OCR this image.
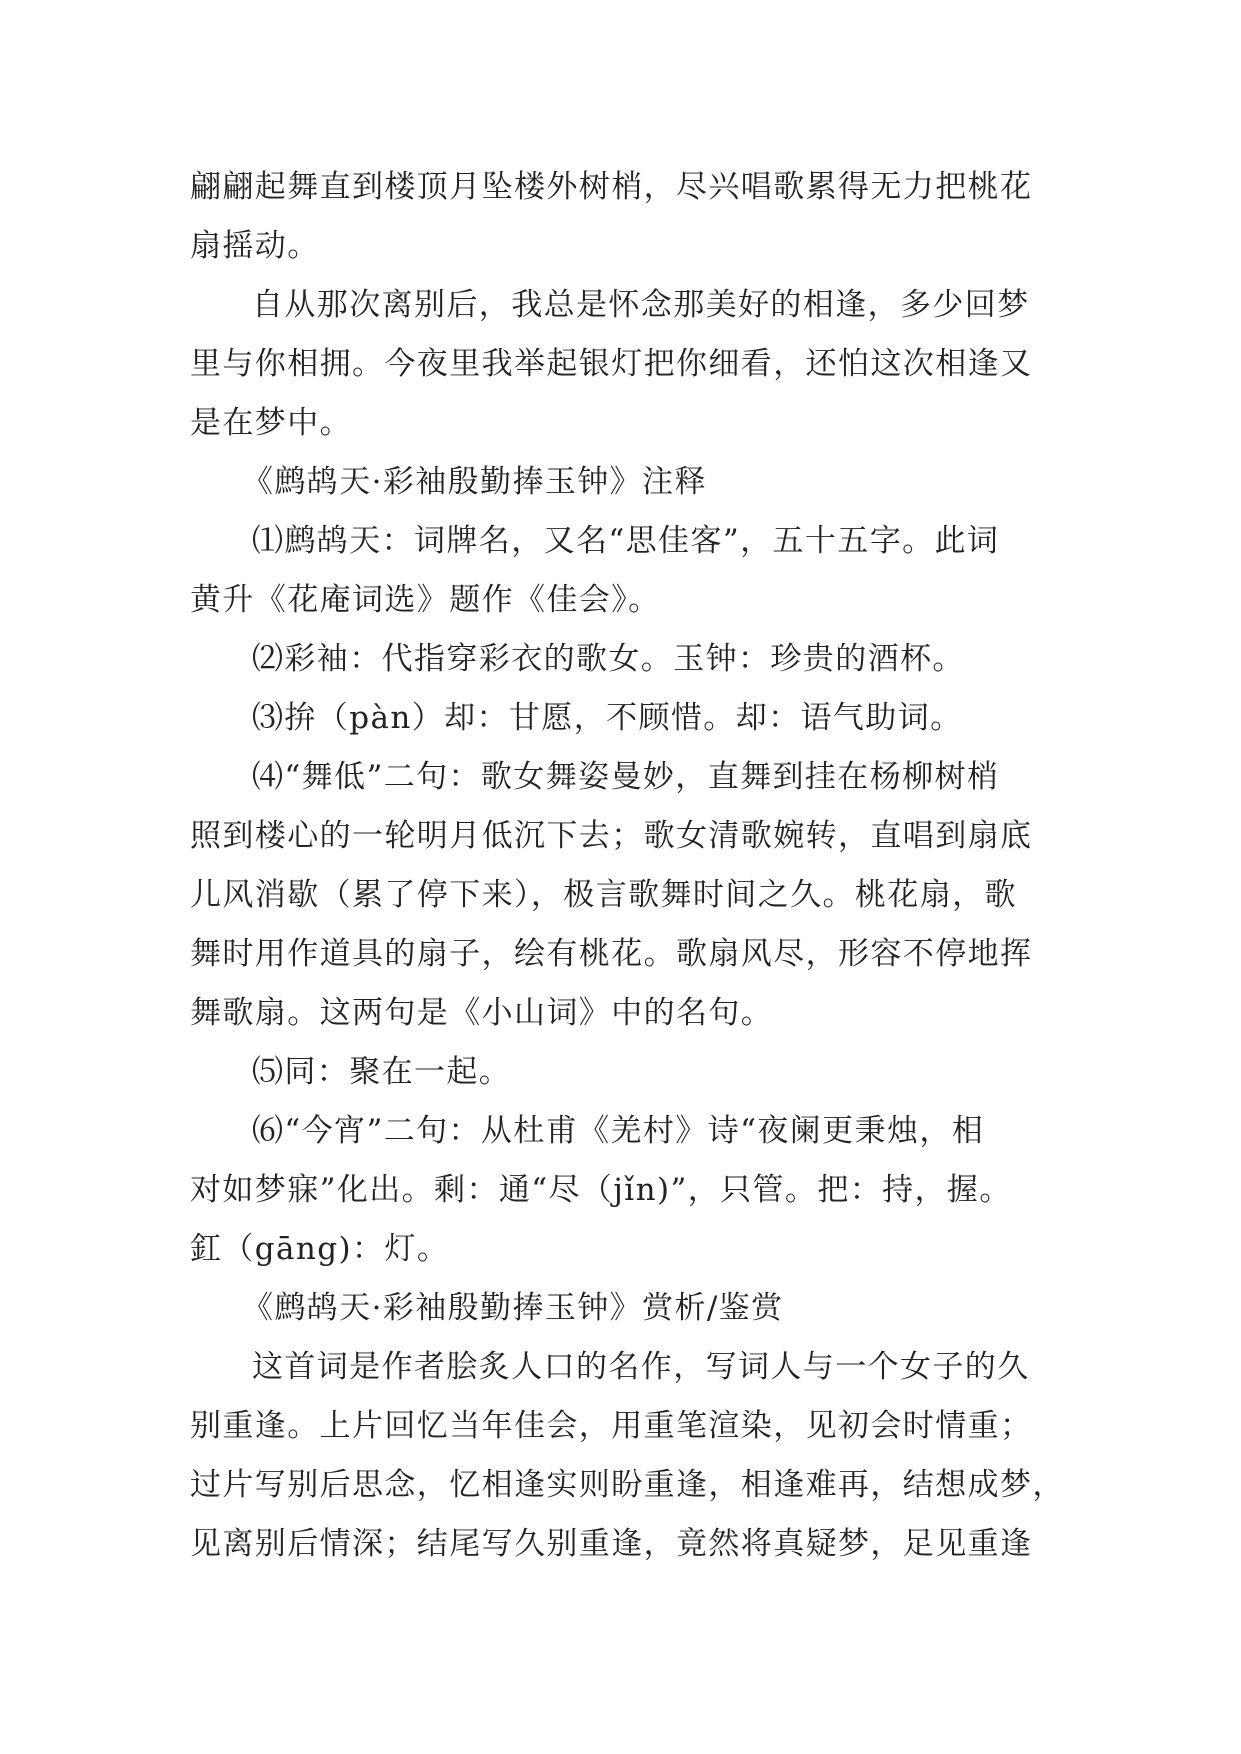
翩翩起舞直到楼顶月坠楼外树梢，尽兴唱歌累得无力把桃花
扇摇动。
自从那次离别后，我总是怀念那美好的相逢，多少回梦
里与你相拥。今夜里我举起银灯把你细看，还怕这次相逢又
是在梦中。
《鹧鸪天·彩袖殷勤捧玉钟》注释
⑴鹧鸪天：词牌名，又名“思佳客”，五十五字。此词
黄升《花庵词选》题作《佳会》。
⑵彩袖：代指穿彩衣的歌女。玉钟：珍贵的酒杯。
⑶拚（pàn）却：甘愿，不顾惜。却：语气助词。
⑷“舞低”二句：歌女舞姿曼妙，直舞到挂在杨柳树梢
照到楼心的一轮明月低沉下去；歌女清歌婉转，直唱到扇底
儿风消歇（累了停下来），极言歌舞时间之久。桃花扇，歌
舞时用作道具的扇子，绘有桃花。歌扇风尽，形容不停地挥
舞歌扇。这两句是《小山词》中的名句。
⑸同：聚在一起。
⑹“今宵”二句：从杜甫《羌村》诗“夜阑更秉烛，相
对如梦寐”化出。剩：通“尽（jǐn)”，只管。把：持，握。
釭（gāng)：灯。
《鹧鸪天·彩袖殷勤捧玉钟》赏析/鉴赏
这首词是作者脍炙人口的名作，写词人与一个女子的久
别重逢。上片回忆当年佳会，用重笔渲染，见初会时情重；
过片写别后思念，忆相逢实则盼重逢，相逢难再，结想成梦，
见离别后情深；结尾写久别重逢，竟然将真疑梦，足见重逢
